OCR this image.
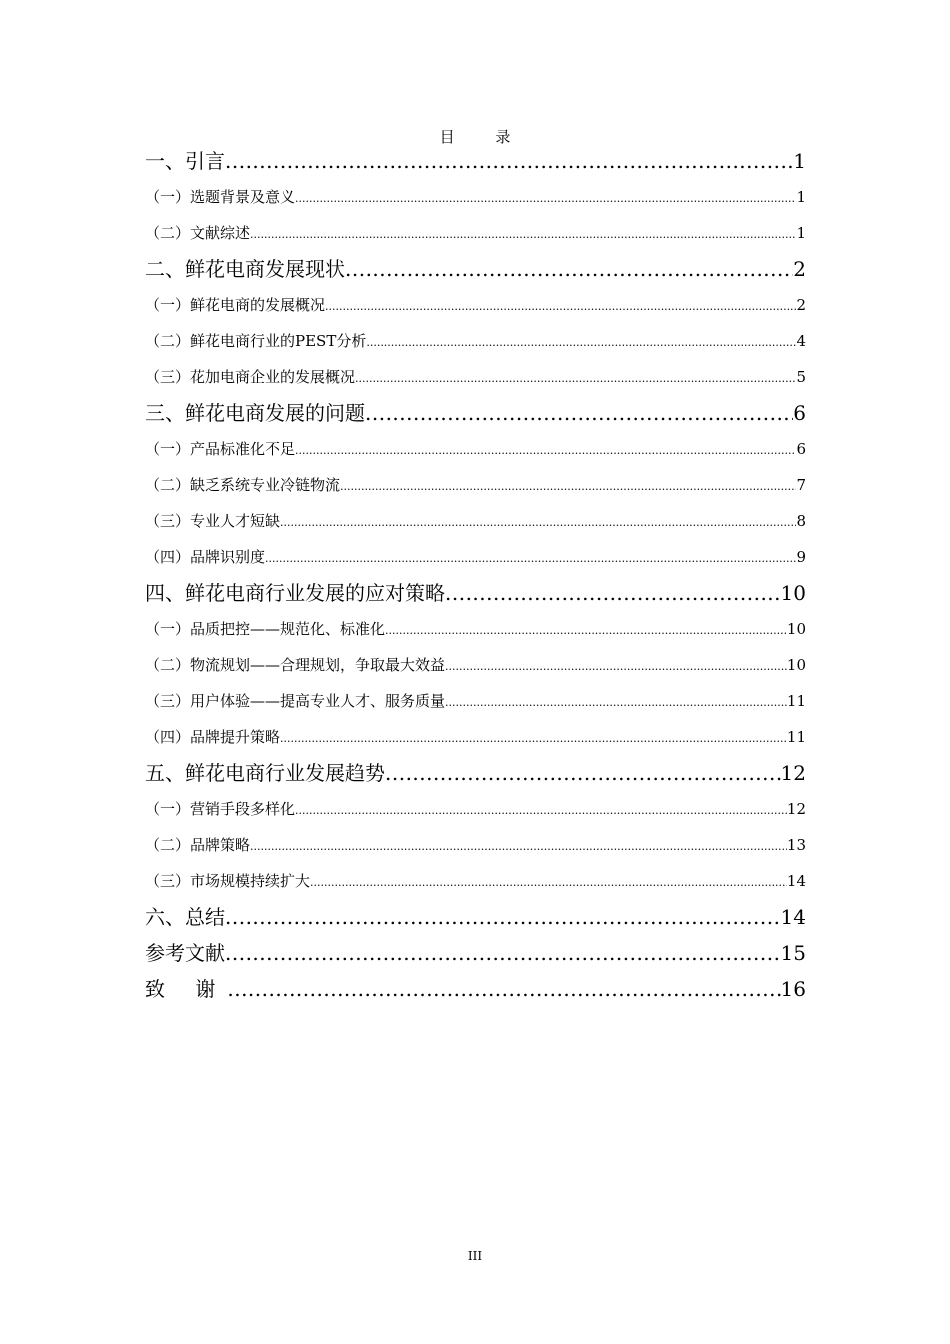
目 录
一、引言 .....	1
（一）选题背景及意义 .....	1
（二）文献综述 .....	1
二、鲜花电商发展现状 .....	2
（一）鲜花电商的发展概况 .....	2
（二）鲜花电商行业的PEST分析 .....	4
（三）花加电商企业的发展概况 .....	5
三、鲜花电商发展的问题 .....	6
（一）产品标准化不足 .....	6
（二）缺乏系统专业冷链物流 .....	7
（三）专业人才短缺 .....	8
（四）品牌识别度 .....	9
四、鲜花电商行业发展的应对策略 .....	10
（一）品质把控——规范化、标准化 .....	10
（二）物流规划——合理规划，争取最大效益 .....	10
（三）用户体验——提高专业人才、服务质量 .....	11
（四）品牌提升策略 .....	11
五、鲜花电商行业发展趋势 .....	12
（一）营销手段多样化 .....	12
（二）品牌策略 .....	13
（三）市场规模持续扩大 .....	14
六、总结 .....	14
参考文献 .....	15
致 谢 .....	16
III
